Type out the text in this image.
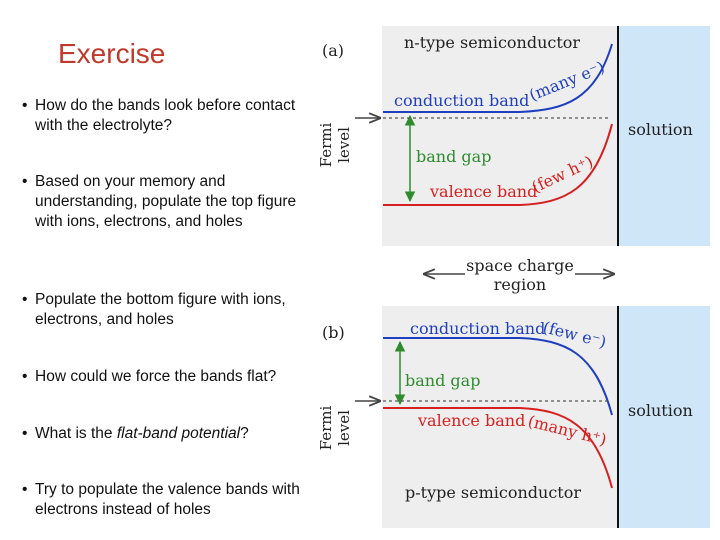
Exercise
• How do the bands look before contact with the electrolyte?
• Based on your memory and understanding, populate the top figure with ions, electrons, and holes
• Populate the bottom figure with ions, electrons, and holes
• How could we force the bands flat?
• What is the flat-band potential?
• Try to populate the valence bands with electrons instead of holes
(a)	n-type semiconductor
conduction band
(many e⁻)
valence band
(few h⁺)
band gap
Fermilevel	solution
space charge region
(b)	conduction band
(few e⁻)
valence band (many h⁺)
band gap
Fermilevel	solution
p-type semiconductor
